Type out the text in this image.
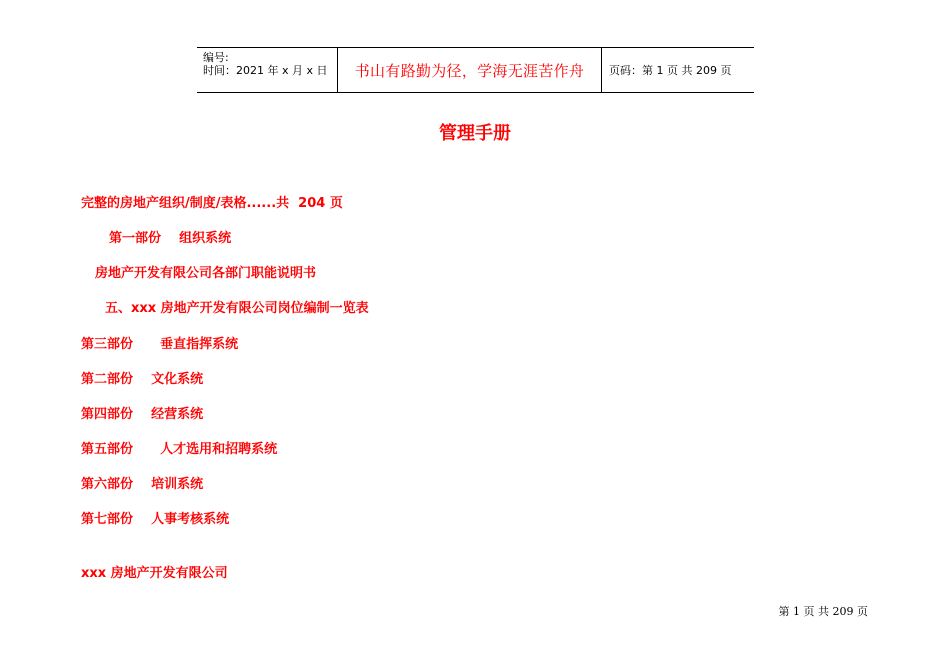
编号:
时间：2021 年 x 月 x 日	书山有路勤为径，学海无涯苦作舟 页码：第 1 页 共 209 页
管理手册
完整的房地产组织/制度/表格......共  204 页
第一部份    组织系统
房地产开发有限公司各部门职能说明书
五、xxx 房地产开发有限公司岗位编制一览表
第三部份      垂直指挥系统
第二部份    文化系统
第四部份    经营系统
第五部份      人才选用和招聘系统
第六部份    培训系统
第七部份    人事考核系统
xxx 房地产开发有限公司
第 1 页 共 209 页
